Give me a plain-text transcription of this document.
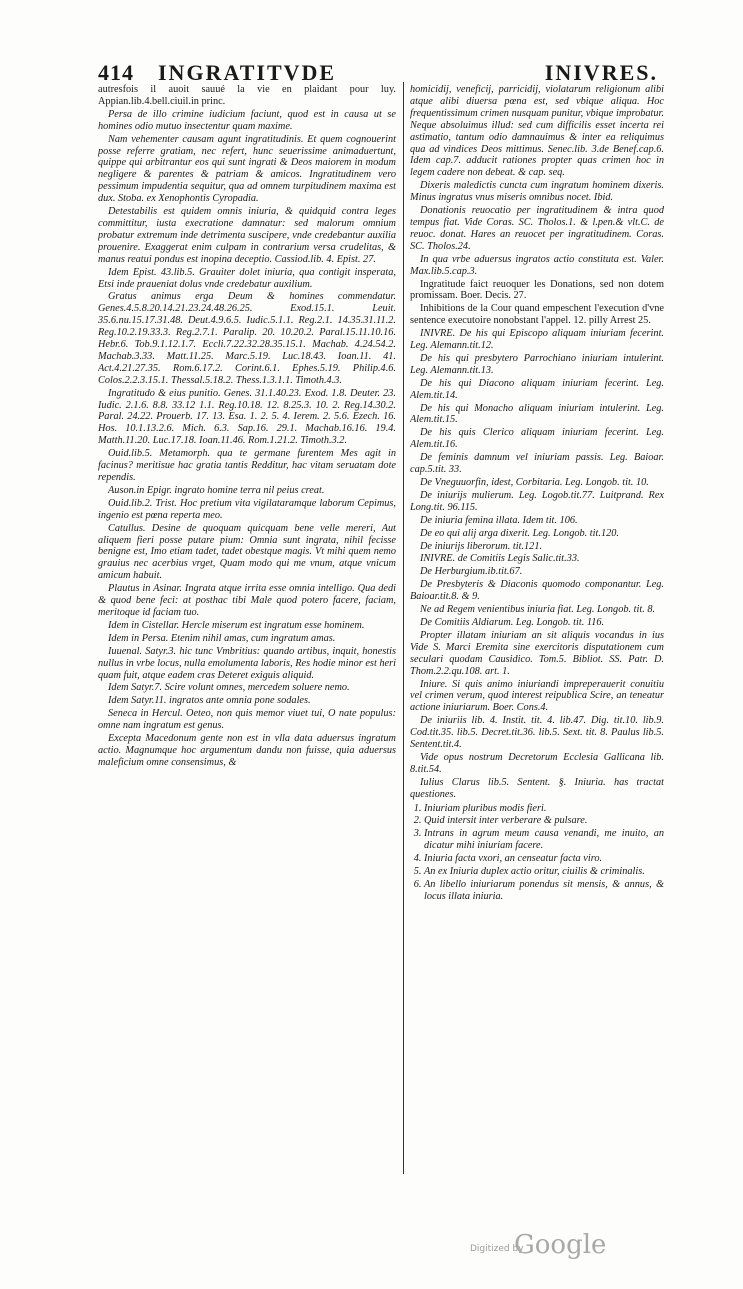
414 INGRATITVDE	INIVRES.

autresfois il auoit sauué la vie en plaidant pour luy. Appian.lib.4.bell.ciuil.in princ.

Persa de illo crimine iudicium faciunt, quod est in causa ut se homines odio mutuo insectentur quam maxime.

Nam vehementer causam agunt ingratitudinis. Et quem cognouerint posse referre gratiam, nec refert, hunc seuerissime animaduertunt, quippe qui arbitrantur eos qui sunt ingrati & Deos maiorem in modum negligere & parentes & patriam & amicos. Ingratitudinem vero pessimum impudentia sequitur, qua ad omnem turpitudinem maxima est dux. Stoba. ex Xenophontis Cyropadia.

Detestabilis est quidem omnis iniuria, & quidquid contra leges committitur, iusta execratione damnatur: sed malorum omnium probatur extremum inde detrimenta suscipere, vnde credebantur auxilia prouenire. Exaggerat enim culpam in contrarium versa crudelitas, & manus reatui pondus est inopina deceptio. Cassiod.lib. 4. Epist. 27.

Idem Epist. 43.lib.5. Grauiter dolet iniuria, qua contigit insperata, Etsi inde praueniat dolus vnde credebatur auxilium.

Gratus animus erga Deum & homines commendatur. Genes.4.5.8.20.14.21.23.24.48.26.25. Exod.15.1. Leuit. 35.6.nu.15.17.31.48. Deut.4.9.6.5. Iudic.5.1.1. Reg.2.1. 14.35.31.11.2. Reg.10.2.19.33.3. Reg.2.7.1. Paralip. 20. 10.20.2. Paral.15.11.10.16. Hebr.6. Tob.9.1.12.1.7. Eccli.7.22.32.28.35.15.1. Machab. 4.24.54.2. Machab.3.33. Matt.11.25. Marc.5.19. Luc.18.43. Ioan.11. 41. Act.4.21.27.35. Rom.6.17.2. Corint.6.1. Ephes.5.19. Philip.4.6. Colos.2.2.3.15.1. Thessal.5.18.2. Thess.1.3.1.1. Timoth.4.3.

Ingratitudo & eius punitio. Genes. 31.1.40.23. Exod. 1.8. Deuter. 23. Iudic. 2.1.6. 8.8. 33.12 1.1. Reg.10.18. 12. 8.25.3. 10. 2. Reg.14.30.2. Paral. 24.22. Prouerb. 17. 13. Esa. 1. 2. 5. 4. Ierem. 2. 5.6. Ezech. 16. Hos. 10.1.13.2.6. Mich. 6.3. Sap.16. 29.1. Machab.16.16. 19.4. Matth.11.20. Luc.17.18. Ioan.11.46. Rom.1.21.2. Timoth.3.2.

Ouid.lib.5. Metamorph. qua te germane furentem Mes agit in facinus? meritisue hac gratia tantis Redditur, hac vitam seruatam dote rependis.

Auson.in Epigr. ingrato homine terra nil peius creat.

Ouid.lib.2. Trist. Hoc pretium vita vigilataramque laborum Cepimus, ingenio est pœna reperta meo.

Catullus. Desine de quoquam quicquam bene velle mereri, Aut aliquem fieri posse putare pium: Omnia sunt ingrata, nihil fecisse benigne est, Imo etiam tadet, tadet obestque magis. Vt mihi quem nemo grauius nec acerbius vrget, Quam modo qui me vnum, atque vnicum amicum habuit.

Plautus in Asinar. Ingrata atque irrita esse omnia intelligo. Qua dedi & quod bene feci: at posthac tibi Male quod potero facere, faciam, meritoque id faciam tuo.

Idem in Cistellar. Hercle miserum est ingratum esse hominem.

Idem in Persa. Etenim nihil amas, cum ingratum amas.

Iuuenal. Satyr.3. hic tunc Vmbritius: quando artibus, inquit, honestis nullus in vrbe locus, nulla emolumenta laboris, Res hodie minor est heri quam fuit, atque eadem cras Deteret exiguis aliquid.

Idem Satyr.7. Scire volunt omnes, mercedem soluere nemo.

Idem Satyr.11. ingratos ante omnia pone sodales.

Seneca in Hercul. Oeteo, non quis memor viuet tui, O nate populus: omne nam ingratum est genus.

Excepta Macedonum gente non est in vlla data aduersus ingratum actio. Magnumque hoc argumentum dandu non fuisse, quia aduersus maleficium omne consensimus, &

homicidij, veneficij, parricidij, violatarum religionum alibi atque alibi diuersa pœna est, sed vbique aliqua. Hoc frequentissimum crimen nusquam punitur, vbique improbatur. Neque absoluimus illud: sed cum difficilis esset incerta rei astimatio, tantum odio damnauimus & inter ea reliquimus qua ad vindices Deos mittimus. Senec.lib. 3.de Benef.cap.6. Idem cap.7. adducit rationes propter quas crimen hoc in legem cadere non debeat. & cap. seq.

Dixeris maledictis cuncta cum ingratum hominem dixeris. Minus ingratus vnus miseris omnibus nocet. Ibid.

Donationis reuocatio per ingratitudinem & intra quod tempus fiat. Vide Coras. SC. Tholos.1. & l.pen.& vlt.C. de reuoc. donat. Hares an reuocet per ingratitudinem. Coras. SC. Tholos.24.

In qua vrbe aduersus ingratos actio constituta est. Valer. Max.lib.5.cap.3.

Ingratitude faict reuoquer les Donations, sed non dotem promissam. Boer. Decis. 27.

Inhibitions de la Cour quand empeschent l'execution d'vne sentence executoire nonobstant l'appel. 12. pilly Arrest 25.

INIVRE. De his qui Episcopo aliquam iniuriam fecerint. Leg. Alemann.tit.12.

De his qui presbytero Parrochiano iniuriam intulerint. Leg. Alemann.tit.13.

De his qui Diacono aliquam iniuriam fecerint. Leg. Alem.tit.14.

De his qui Monacho aliquam iniuriam intulerint. Leg. Alem.tit.15.

De his quis Clerico aliquam iniuriam fecerint. Leg. Alem.tit.16.

De feminis damnum vel iniuriam passis. Leg. Baioar. cap.5.tit. 33.

De Vneguuorfin, idest, Corbitaria. Leg. Longob. tit. 10.

De iniurijs mulierum. Leg. Logob.tit.77. Luitprand. Rex Long.tit. 96.115.

De iniuria femina illata. Idem tit. 106.

De eo qui alij arga dixerit. Leg. Longob. tit.120.

De iniurijs liberorum. tit.121.

INIVRE. de Comitiis Legis Salic.tit.33.

De Herburgium.ib.tit.67.

De Presbyteris & Diaconis quomodo componantur. Leg. Baioar.tit.8. & 9.

Ne ad Regem venientibus iniuria fiat. Leg. Longob. tit. 8.

De Comitiis Aldiarum. Leg. Longob. tit. 116.

Propter illatam iniuriam an sit aliquis vocandus in ius Vide S. Marci Eremita sine exercitoris disputationem cum seculari quodam Causidico. Tom.5. Bibliot. SS. Patr. D. Thom.2.2.qu.108. art. 1.

Iniure. Si quis animo iniuriandi impreperauerit conuitiu vel crimen verum, quod interest reipublica Scire, an teneatur actione iniuriarum. Boer. Cons.4.

De iniuriis lib. 4. Instit. tit. 4. lib.47. Dig. tit.10. lib.9. Cod.tit.35. lib.5. Decret.tit.36. lib.5. Sext. tit. 8. Paulus lib.5. Sentent.tit.4.

Vide opus nostrum Decretorum Ecclesia Gallicana lib. 8.tit.54.

Iulius Clarus lib.5. Sentent. §. Iniuria. has tractat questiones.

1. Iniuriam pluribus modis fieri.
2. Quid intersit inter verberare & pulsare.
3. Intrans in agrum meum causa venandi, me inuito, an dicatur mihi iniuriam facere.
4. Iniuria facta vxori, an censeatur facta viro.
5. An ex Iniuria duplex actio oritur, ciuilis & criminalis.
6. An libello iniuriarum ponendus sit mensis, & annus, & locus illata iniuria.
Digitized by
Google
